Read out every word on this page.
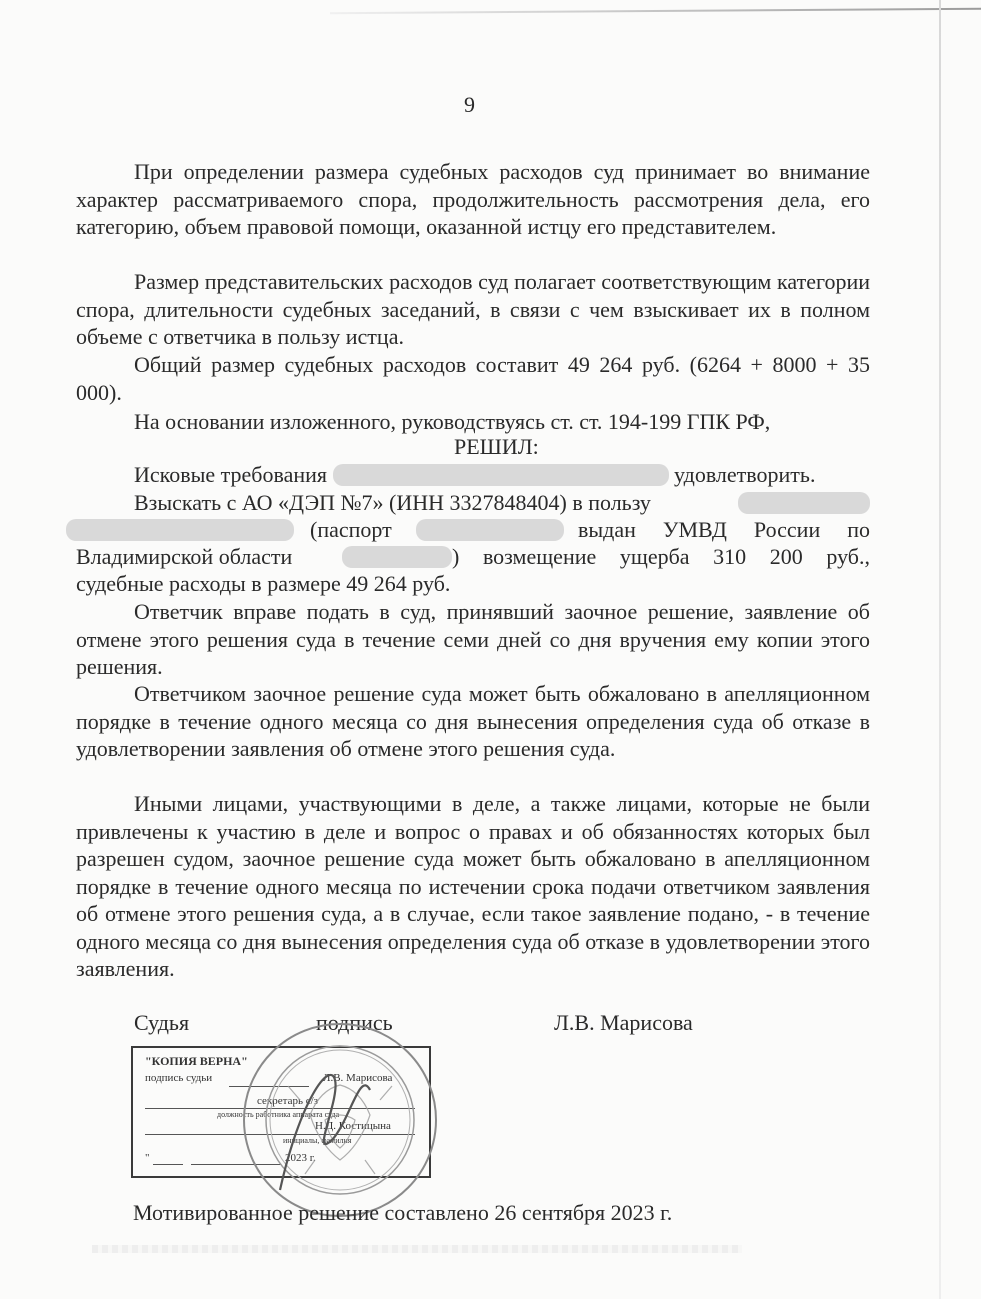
9

При определении размера судебных расходов суд принимает во внимание характер рассматриваемого спора, продолжительность рассмотрения дела, его категорию, объем правовой помощи, оказанной истцу его представителем.

Размер представительских расходов суд полагает соответствующим категории спора, длительности судебных заседаний, в связи с чем взыскивает их в полном объеме с ответчика в пользу истца.

Общий размер судебных расходов составит 49 264 руб. (6264 + 8000 + 35 000).

На основании изложенного, руководствуясь ст. ст. 194-199 ГПК РФ,
РЕШИЛ:
Исковые требования	удовлетворить.
Взыскать с АО «ДЭП №7» (ИНН 3327848404) в пользу
(паспорт	выдан УМВД России по
Владимирской области	) возмещение ущерба 310 200 руб.,
судебные расходы в размере 49 264 руб.

Ответчик вправе подать в суд, принявший заочное решение, заявление об отмене этого решения суда в течение семи дней со дня вручения ему копии этого решения.

Ответчиком заочное решение суда может быть обжаловано в апелляционном порядке в течение одного месяца со дня вынесения определения суда об отказе в удовлетворении заявления об отмене этого решения суда.

Иными лицами, участвующими в деле, а также лицами, которые не были привлечены к участию в деле и вопрос о правах и об обязанностях которых был разрешен судом, заочное решение суда может быть обжаловано в апелляционном порядке в течение одного месяца по истечении срока подачи ответчиком заявления об отмене этого решения суда, а в случае, если такое заявление подано, - в течение одного месяца со дня вынесения определения суда об отказе в удовлетворении этого заявления.

Судья	подпись	Л.В. Марисова
"КОПИЯ ВЕРНА"
подпись судьи	Л.В. Марисова
секретарь с/з
должность работника аппарата суда
Н.Д. Костицына
инициалы, фамилия
"	2023 г.
Мотивированное решение составлено 26 сентября 2023 г.
